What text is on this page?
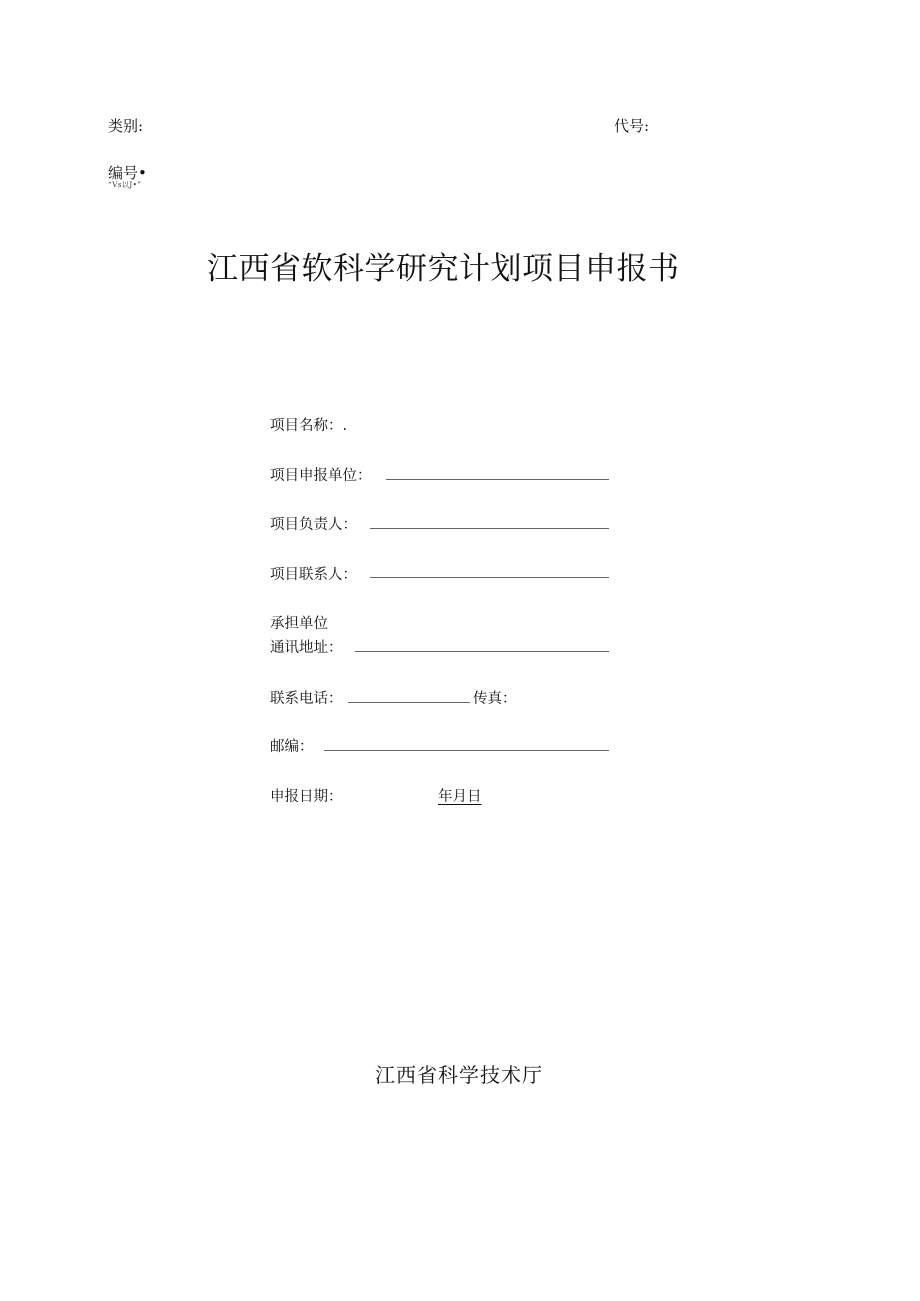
类别:	代号:
编号•
“Vs以J•”
江西省软科学研究计划项目申报书
项目名称：.
项目申报单位：
项目负责人：
项目联系人：
承担单位
通讯地址：
联系电话：	传真：
邮编：
申报日期：	年月日
江西省科学技术厅
